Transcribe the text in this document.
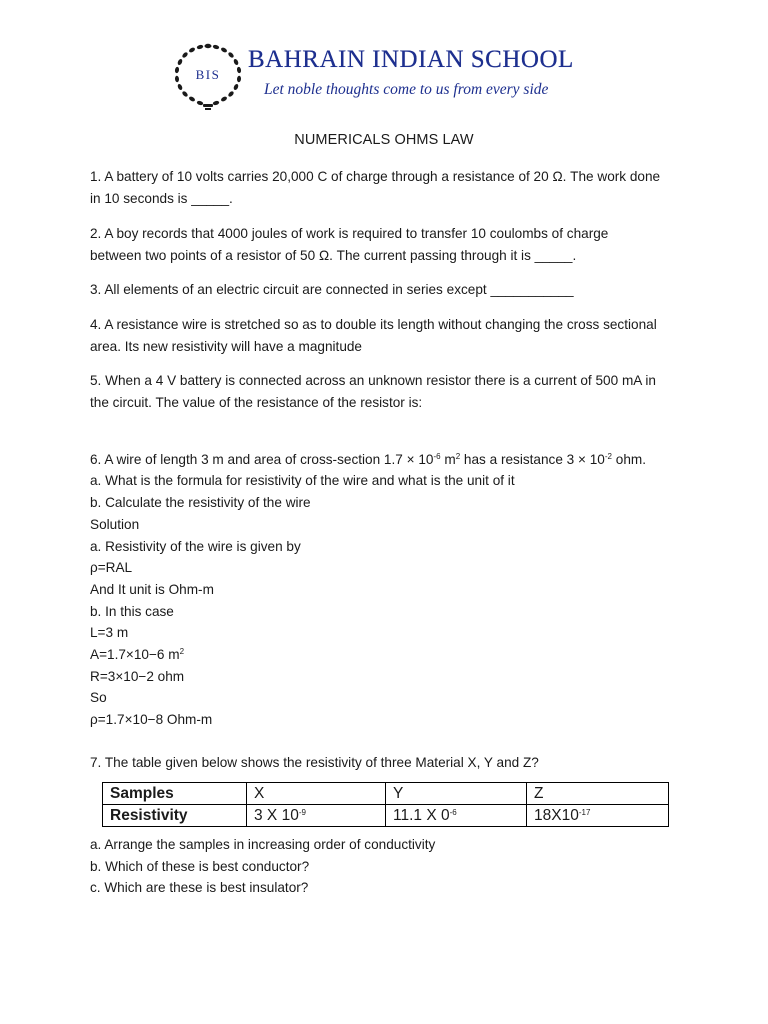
BIS
BAHRAIN INDIAN SCHOOL
Let noble thoughts come to us from every side
NUMERICALS OHMS LAW
1. A battery of 10 volts carries 20,000 C of charge through a resistance of 20 Ω. The work done
in 10 seconds is _____.
2. A boy records that 4000 joules of work is required to transfer 10 coulombs of charge
between two points of a resistor of 50 Ω. The current passing through it is _____.
3. All elements of an electric circuit are connected in series except ___________
4. A resistance wire is stretched so as to double its length without changing the cross sectional
area. Its new resistivity will have a magnitude
5. When a 4 V battery is connected across an unknown resistor there is a current of 500 mA in
the circuit. The value of the resistance of the resistor is:
6. A wire of length 3 m and area of cross-section $1.7 \times 10^{-6}$ $m^2$ has a resistance $3 \times 10^{-2}$ ohm.
a. What is the formula for resistivity of the wire and what is the unit of it
b. Calculate the resistivity of the wire
Solution
a. Resistivity of the wire is given by
ρ=RAL
And It unit is Ohm-m
b. In this case
L=3 m
A=1.7×10−6 $m^2$
R=3×10−2 ohm
So
ρ=1.7×10−8 Ohm-m
7. The table given below shows the resistivity of three Material X, Y and Z?
Samples	X	Y	Z
Resistivity	3 X $10^{-9}$	11.1 X $0^{-6}$	$18X10^{-17}$
a. Arrange the samples in increasing order of conductivity
b. Which of these is best conductor?
c. Which are these is best insulator?
